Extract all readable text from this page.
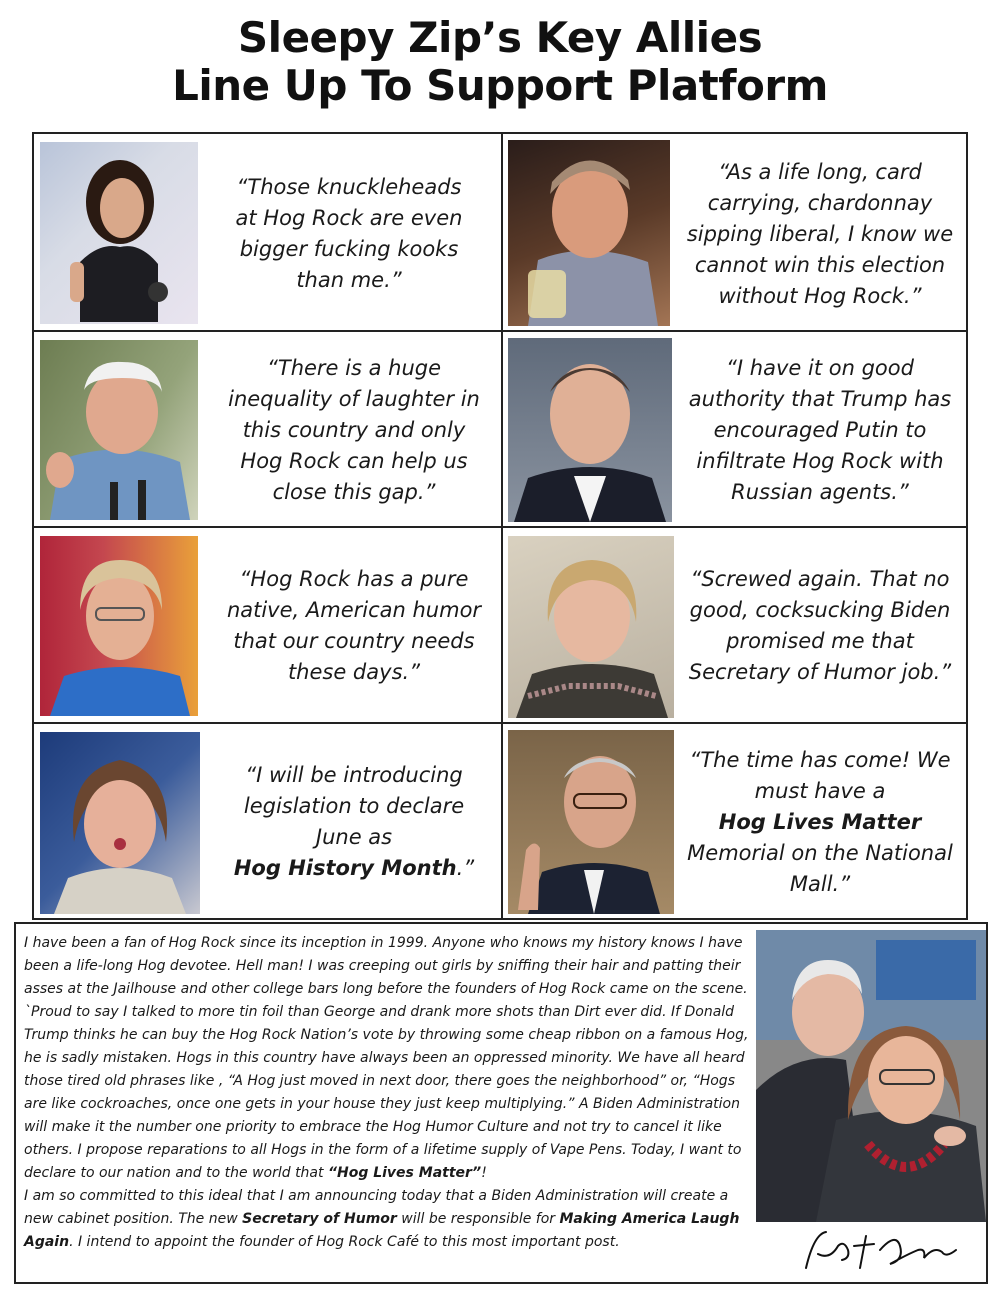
Sleepy Zip’s Key Allies
Line Up To Support Platform
“Those knuckleheads at Hog Rock are even bigger fucking kooks than me.”
“As a life long, card carrying, chardonnay sipping liberal, I know we cannot win this election without Hog Rock.”
“There is a huge inequality of laughter in this country and only Hog Rock can help us close this gap.”
“I have it on good authority that Trump has encouraged Putin to infiltrate Hog Rock with Russian agents.”
“Hog Rock has a pure native, American humor that our country needs these days.”
“Screwed again. That no good, cocksucking Biden promised me that Secretary of Humor job.”
“I will be introducing legislation to declare June as
Hog History Month.”
“The time has come! We must have a
Hog Lives Matter
Memorial on the National Mall.”
I have been a fan of Hog Rock since its inception in 1999. Anyone who knows my history knows I have been a life-long Hog devotee. Hell man! I was creeping out girls by sniffing their hair and patting their asses at the Jailhouse and other college bars long before the founders of Hog Rock came on the scene. `Proud to say I talked to more tin foil than George and drank more shots than Dirt ever did. If Donald Trump thinks he can buy the Hog Rock Nation’s vote by throwing some cheap ribbon on a famous Hog, he is sadly mistaken. Hogs in this country have always been an oppressed minority. We have all heard those tired old phrases like , “A Hog just moved in next door, there goes the neighborhood” or, “Hogs are like cockroaches, once one gets in your house they just keep multiplying.” A Biden Administration will make it the number one priority to embrace the Hog Humor Culture and not try to cancel it like others. I propose reparations to all Hogs in the form of a lifetime supply of Vape Pens. Today, I want to declare to our nation and to the world that “Hog Lives Matter”!
I am so committed to this ideal that I am announcing today that a Biden Administration will create a new cabinet position. The new Secretary of Humor will be responsible for Making America Laugh Again. I intend to appoint the founder of Hog Rock Café to this most important post.
